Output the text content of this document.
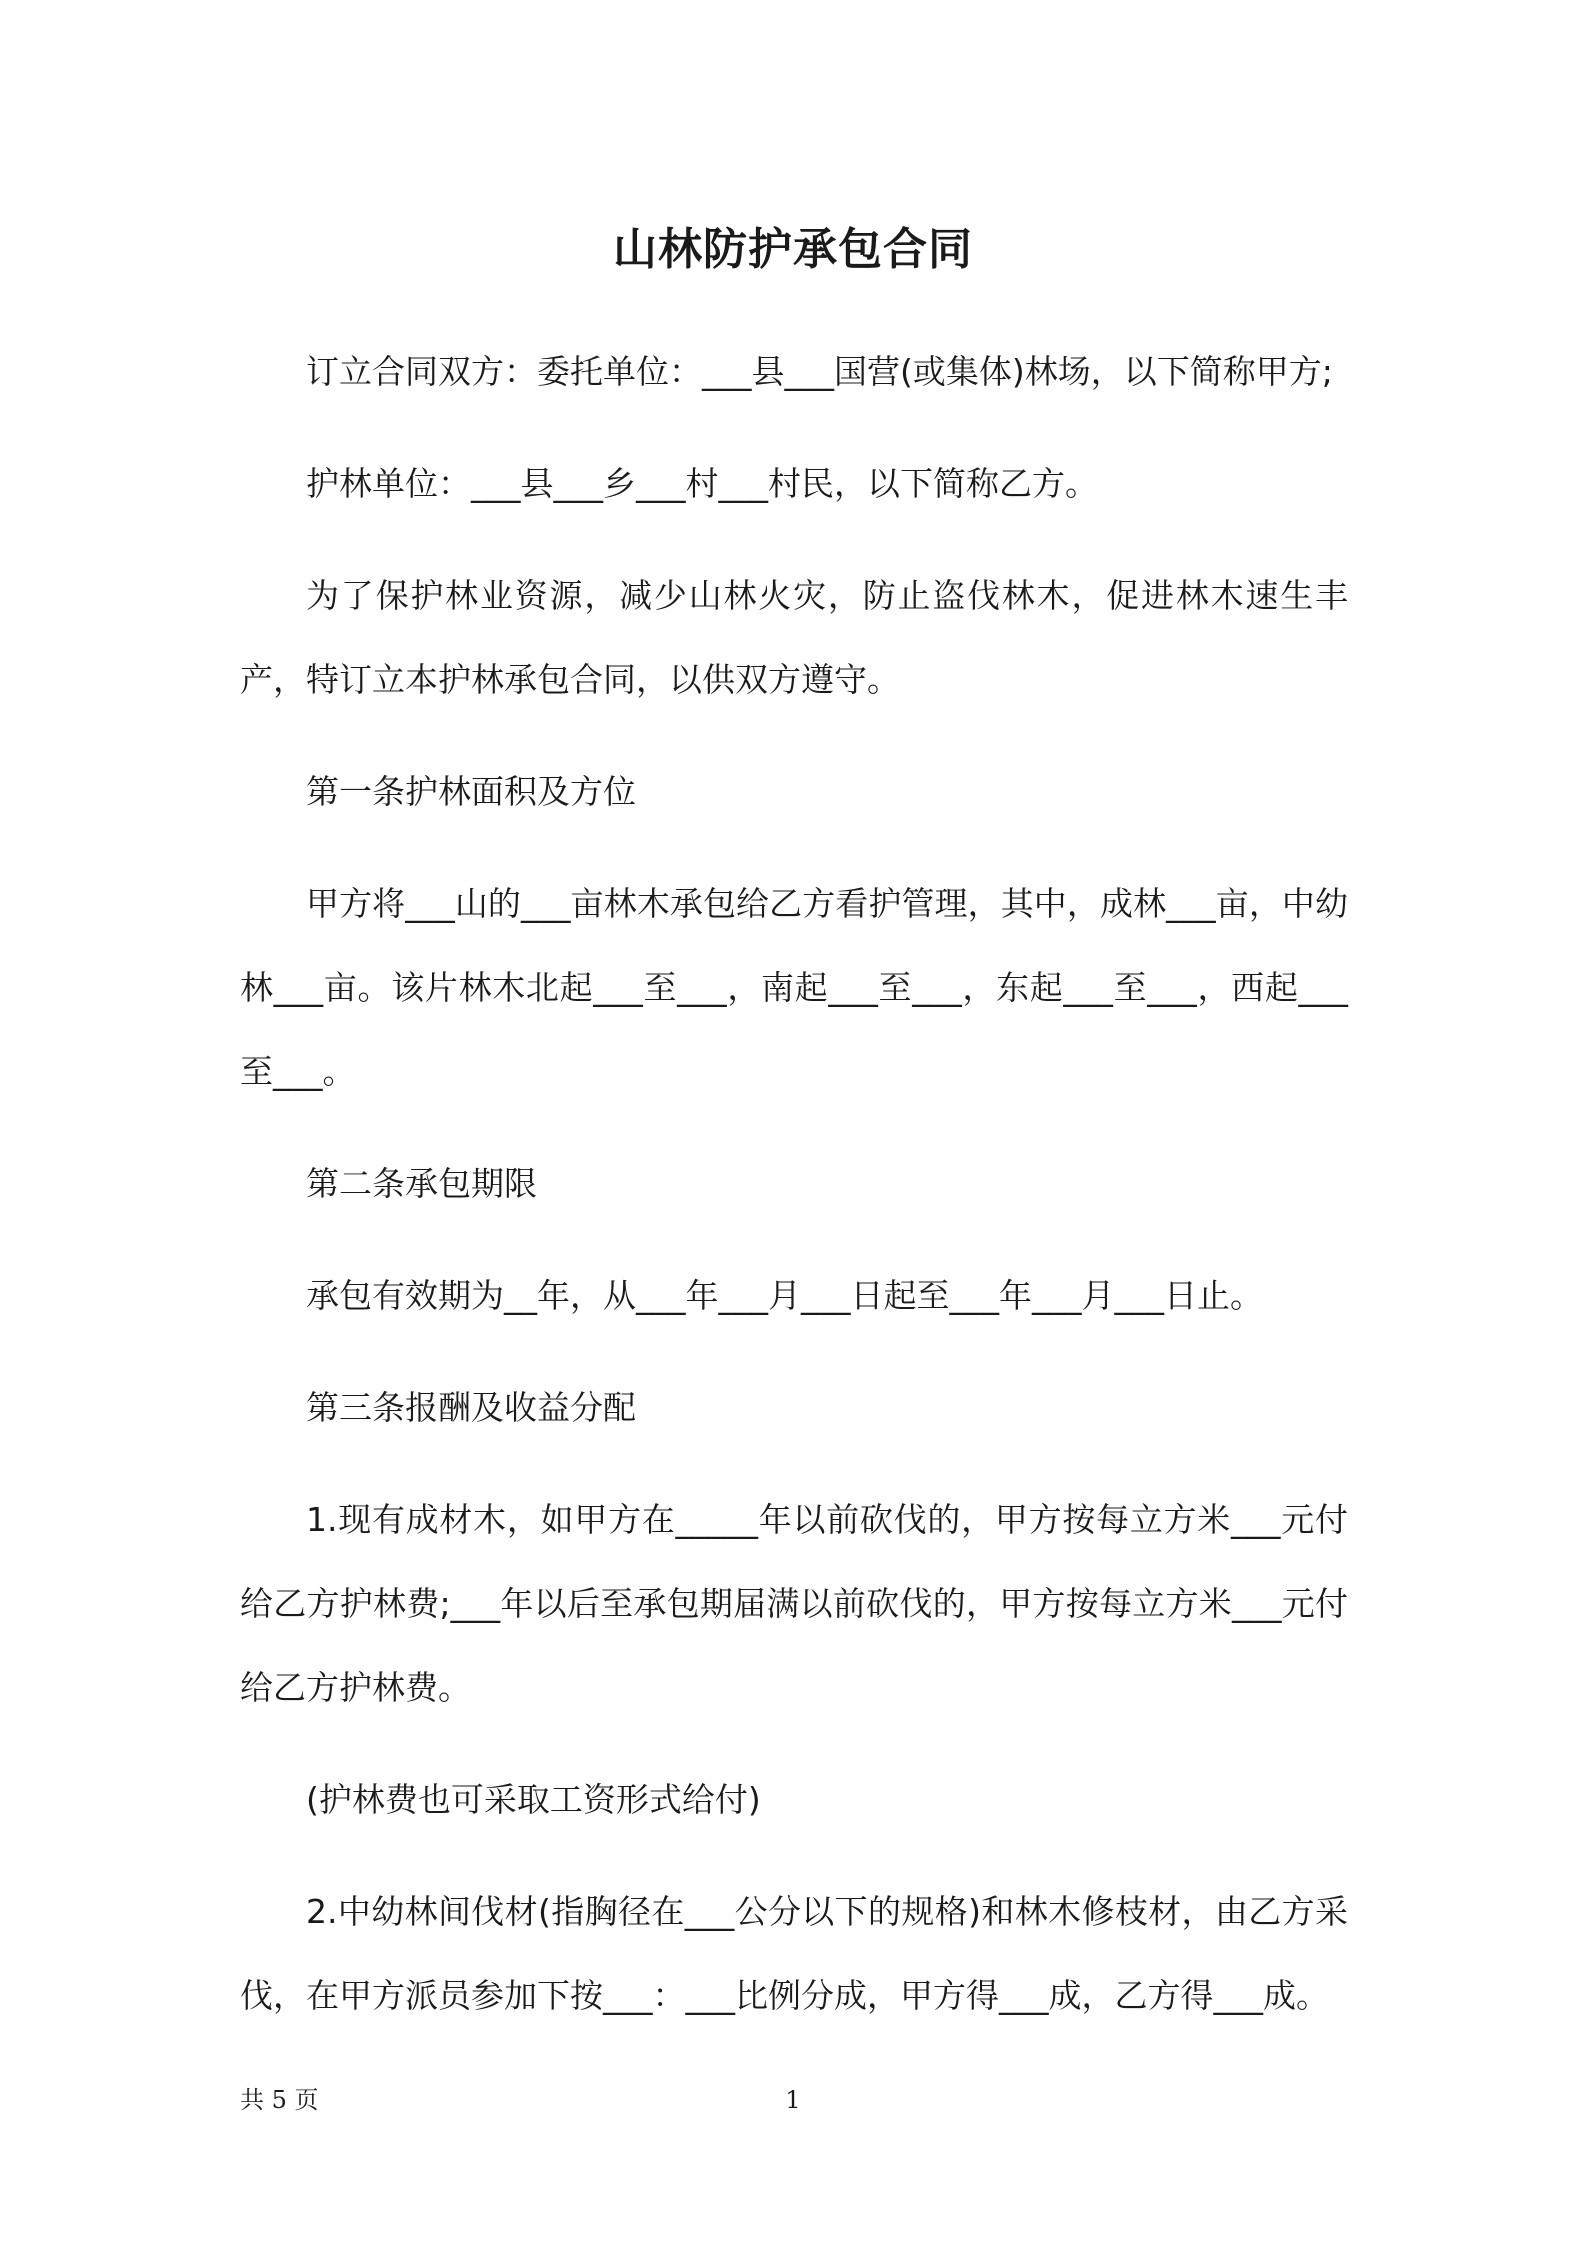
山林防护承包合同

订立合同双方：委托单位：___县___国营(或集体)林场，以下简称甲方;

护林单位：___县___乡___村___村民，以下简称乙方。

为了保护林业资源，减少山林火灾，防止盗伐林木，促进林木速生丰产，特订立本护林承包合同，以供双方遵守。

第一条护林面积及方位

甲方将___山的___亩林木承包给乙方看护管理，其中，成林___亩，中幼林___亩。该片林木北起___至___，南起___至___，东起___至___，西起___至___。

第二条承包期限

承包有效期为__年，从___年___月___日起至___年___月___日止。

第三条报酬及收益分配

1.现有成材木，如甲方在_____年以前砍伐的，甲方按每立方米___元付给乙方护林费;___年以后至承包期届满以前砍伐的，甲方按每立方米___元付给乙方护林费。

(护林费也可采取工资形式给付)

2.中幼林间伐材(指胸径在___公分以下的规格)和林木修枝材，由乙方采伐，在甲方派员参加下按___：___比例分成，甲方得___成，乙方得___成。

共 5 页	1
